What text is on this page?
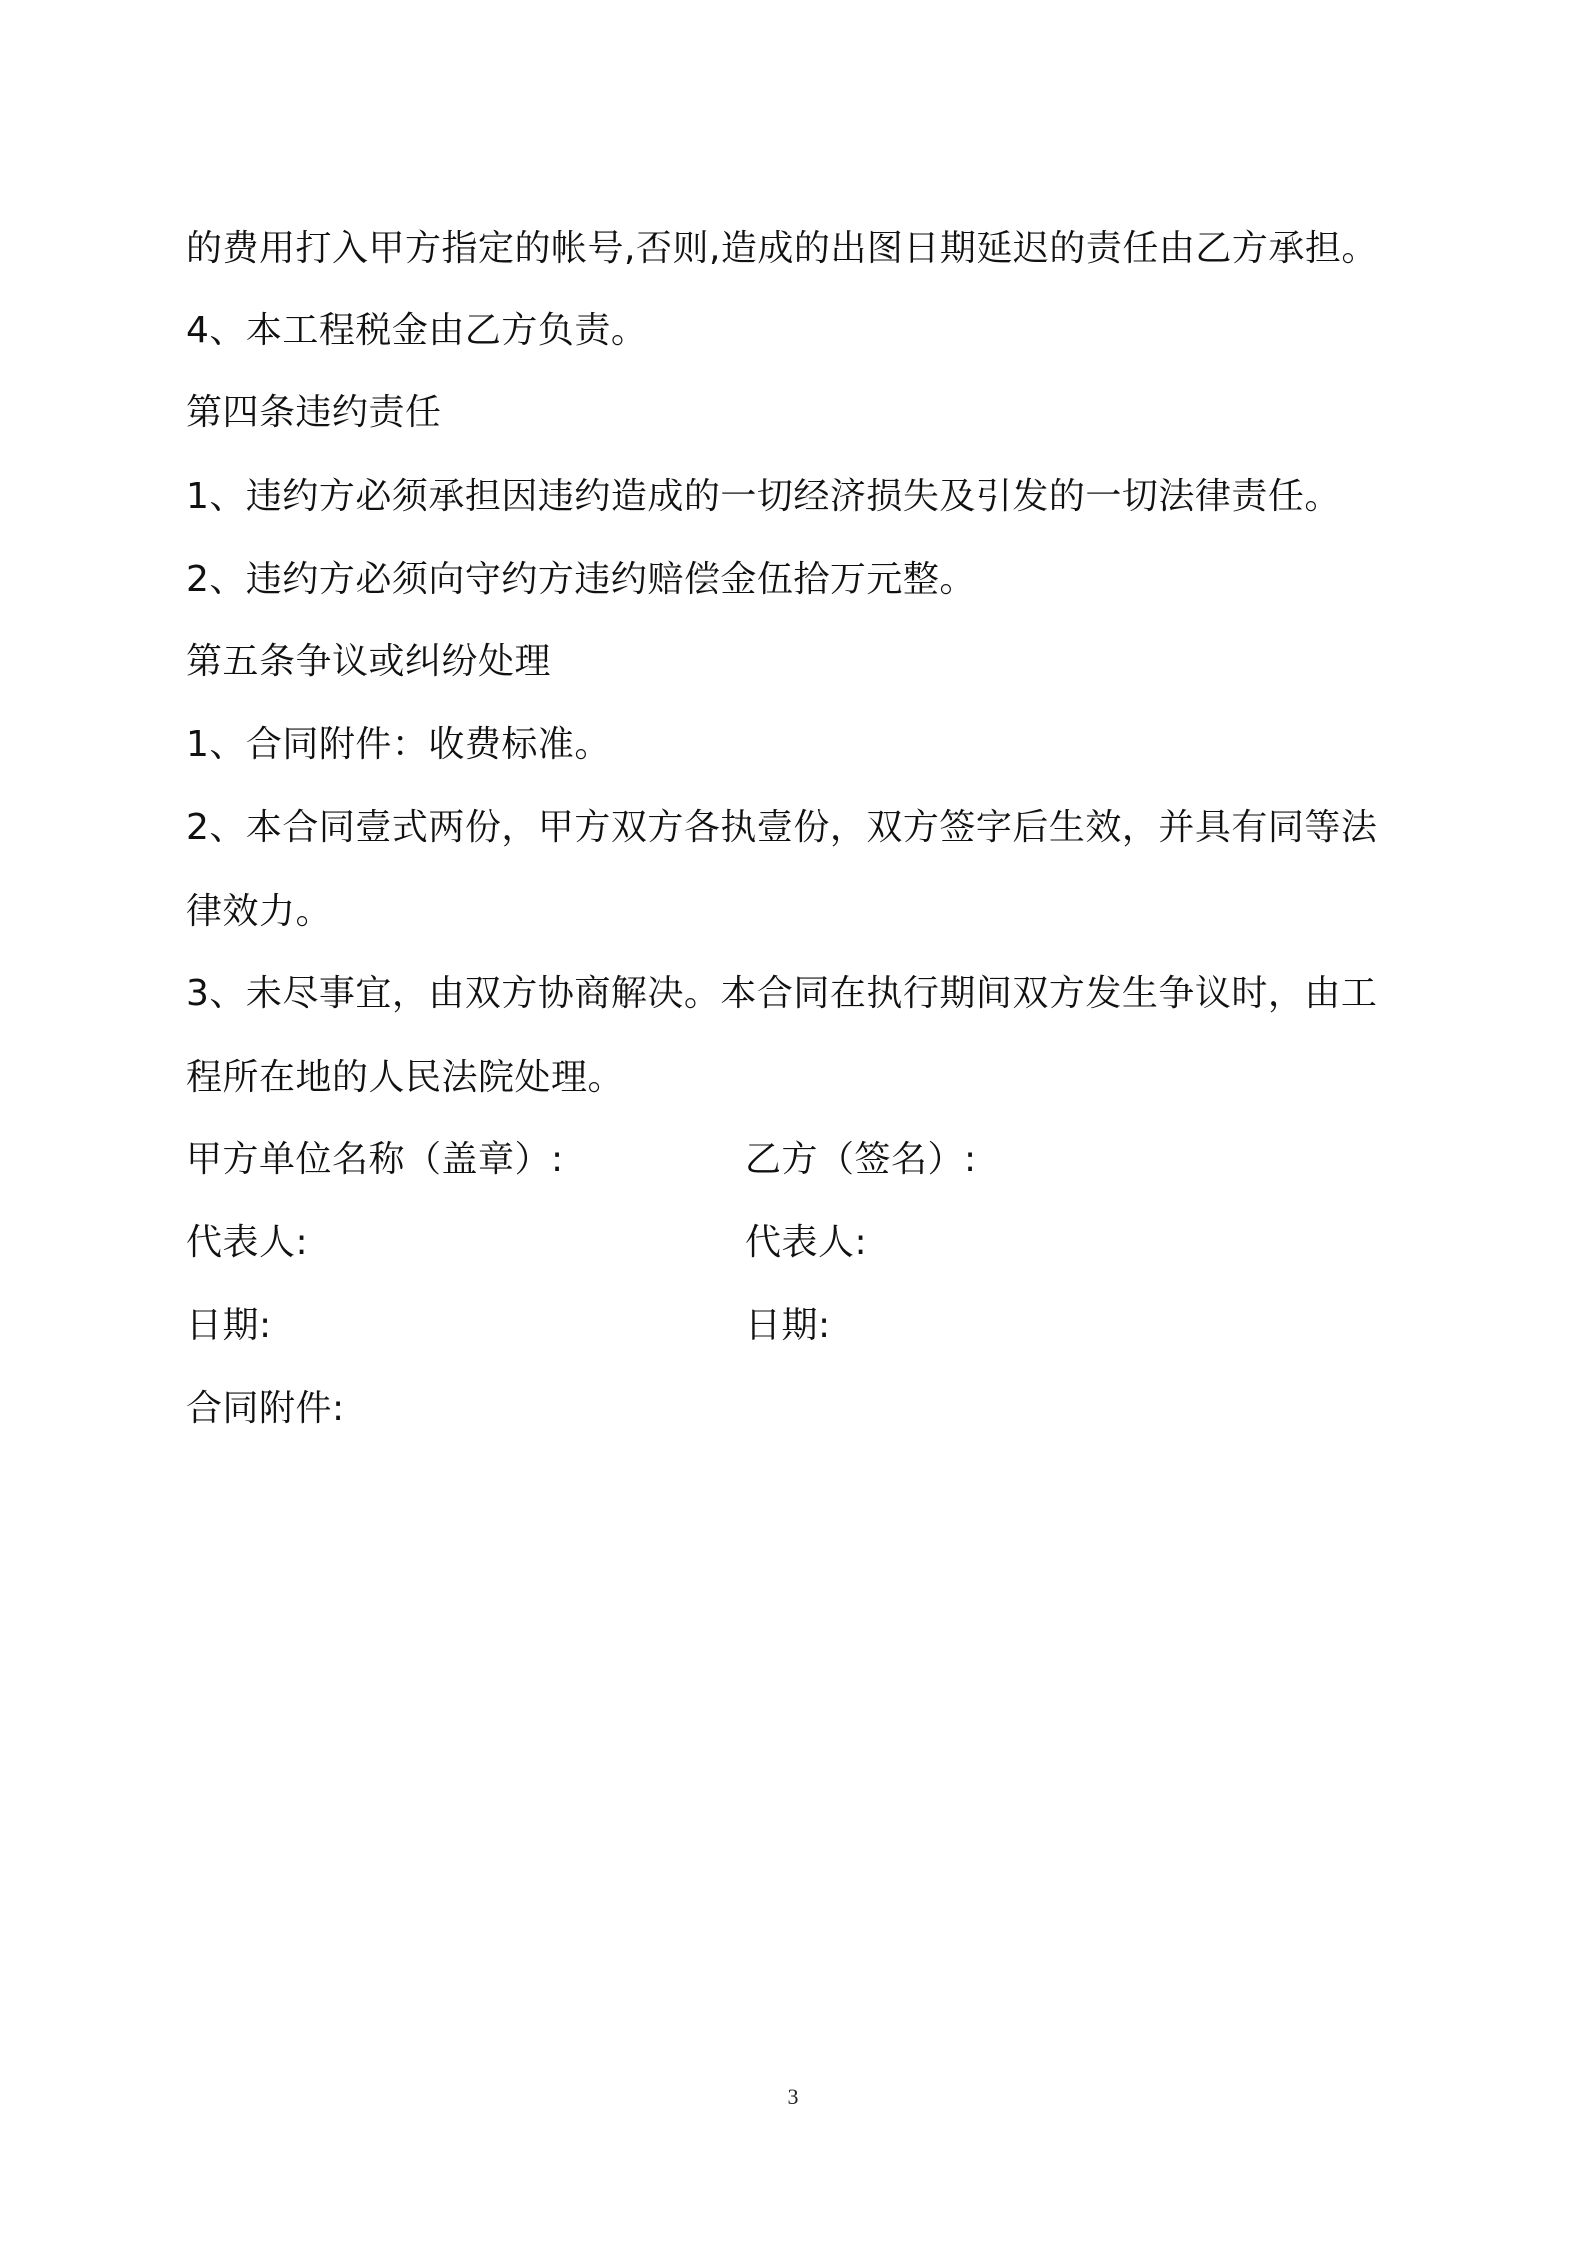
的费用打入甲方指定的帐号,否则,造成的出图日期延迟的责任由乙方承担。

4、本工程税金由乙方负责。

第四条违约责任

1、违约方必须承担因违约造成的一切经济损失及引发的一切法律责任。

2、违约方必须向守约方违约赔偿金伍拾万元整。

第五条争议或纠纷处理

1、合同附件：收费标准。

2、本合同壹式两份，甲方双方各执壹份，双方签字后生效，并具有同等法

律效力。

3、未尽事宜，由双方协商解决。本合同在执行期间双方发生争议时，由工

程所在地的人民法院处理。

甲方单位名称（盖章）:	乙方（签名）:

代表人:	代表人:

日期:	日期:

合同附件:

3
